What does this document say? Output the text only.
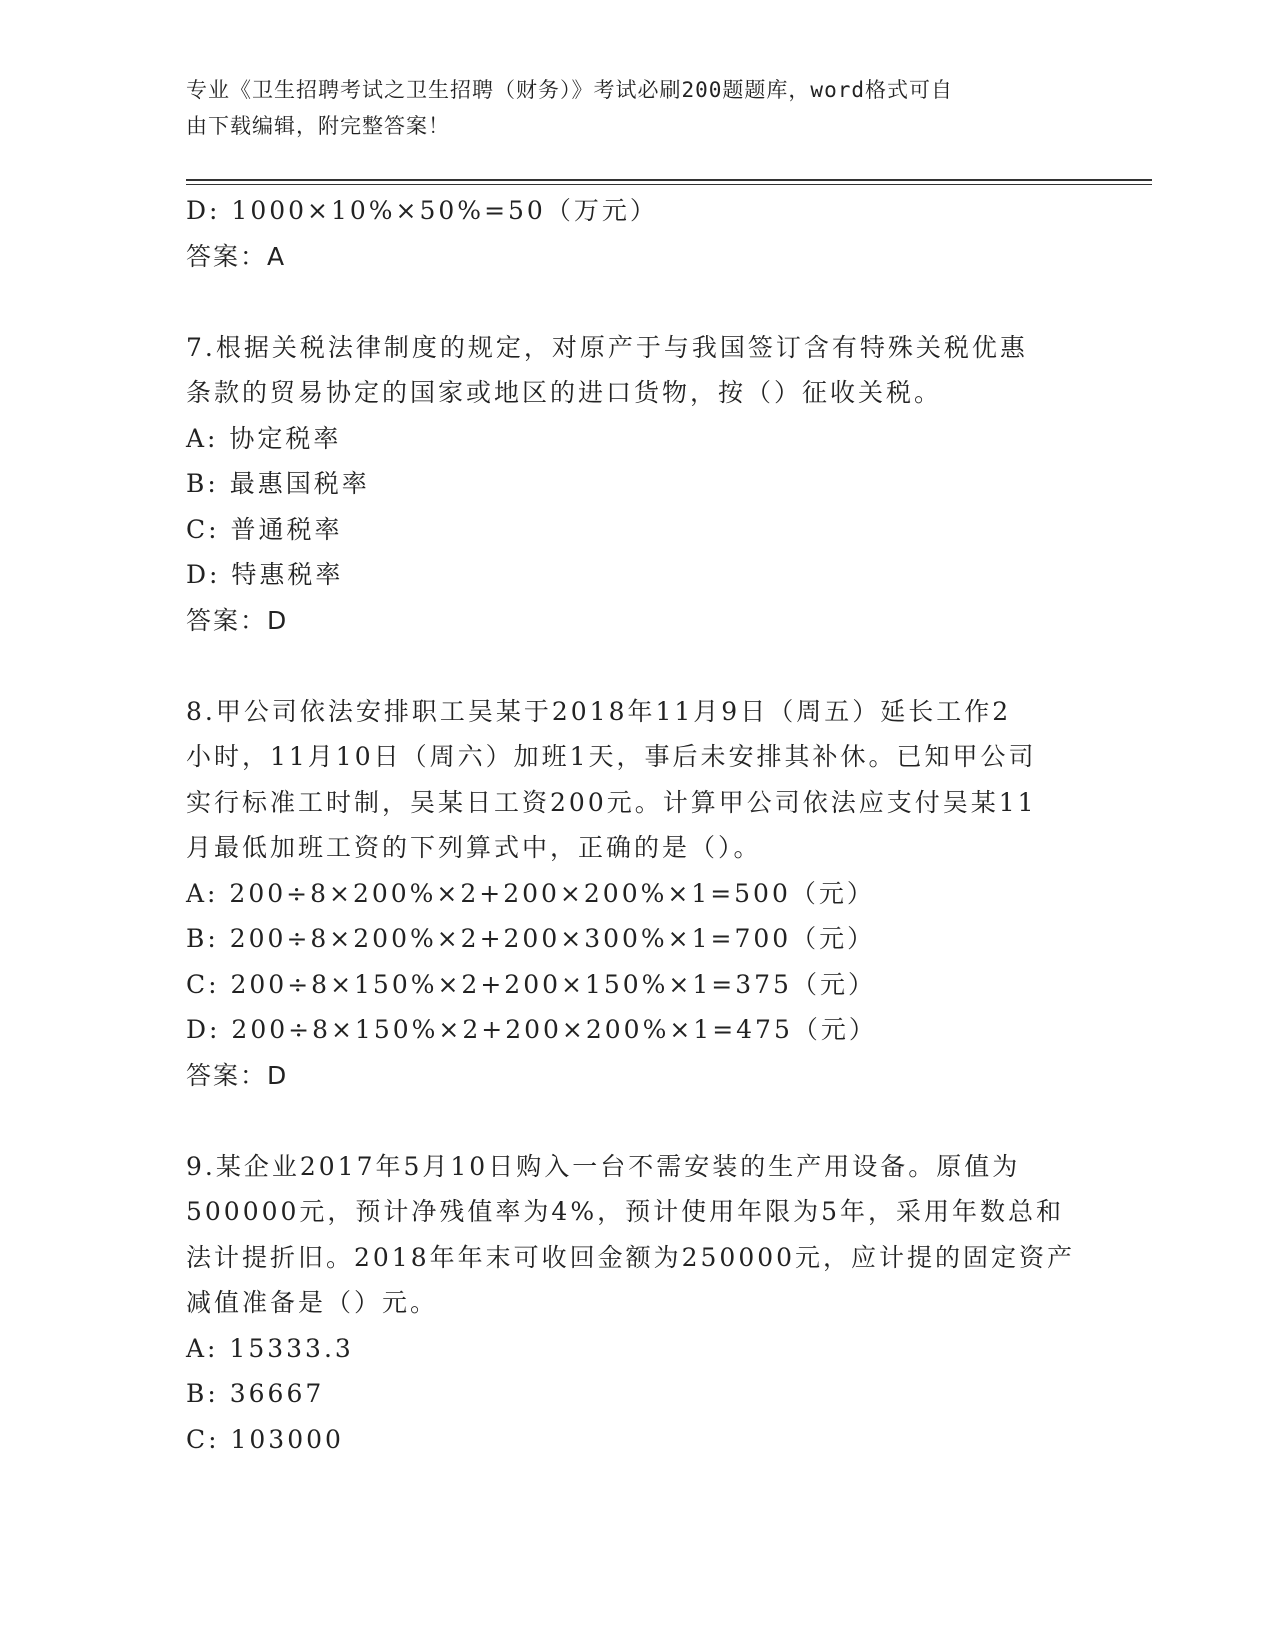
专业《卫生招聘考试之卫生招聘（财务）》考试必刷200题题库，word格式可自
由下载编辑，附完整答案！
D: 1000×10%×50%=50（万元）
答案：A
7.根据关税法律制度的规定，对原产于与我国签订含有特殊关税优惠
条款的贸易协定的国家或地区的进口货物，按（）征收关税。
A: 协定税率
B: 最惠国税率
C: 普通税率
D: 特惠税率
答案：D
8.甲公司依法安排职工吴某于2018年11月9日（周五）延长工作2
小时，11月10日（周六）加班1天，事后未安排其补休。已知甲公司
实行标准工时制，吴某日工资200元。计算甲公司依法应支付吴某11
月最低加班工资的下列算式中，正确的是（）。
A: 200÷8×200%×2+200×200%×1=500（元）
B: 200÷8×200%×2+200×300%×1=700（元）
C: 200÷8×150%×2+200×150%×1=375（元）
D: 200÷8×150%×2+200×200%×1=475（元）
答案：D
9.某企业2017年5月10日购入一台不需安装的生产用设备。原值为
500000元，预计净残值率为4%，预计使用年限为5年，采用年数总和
法计提折旧。2018年年末可收回金额为250000元，应计提的固定资产
减值准备是（）元。
A: 15333.3
B: 36667
C: 103000
